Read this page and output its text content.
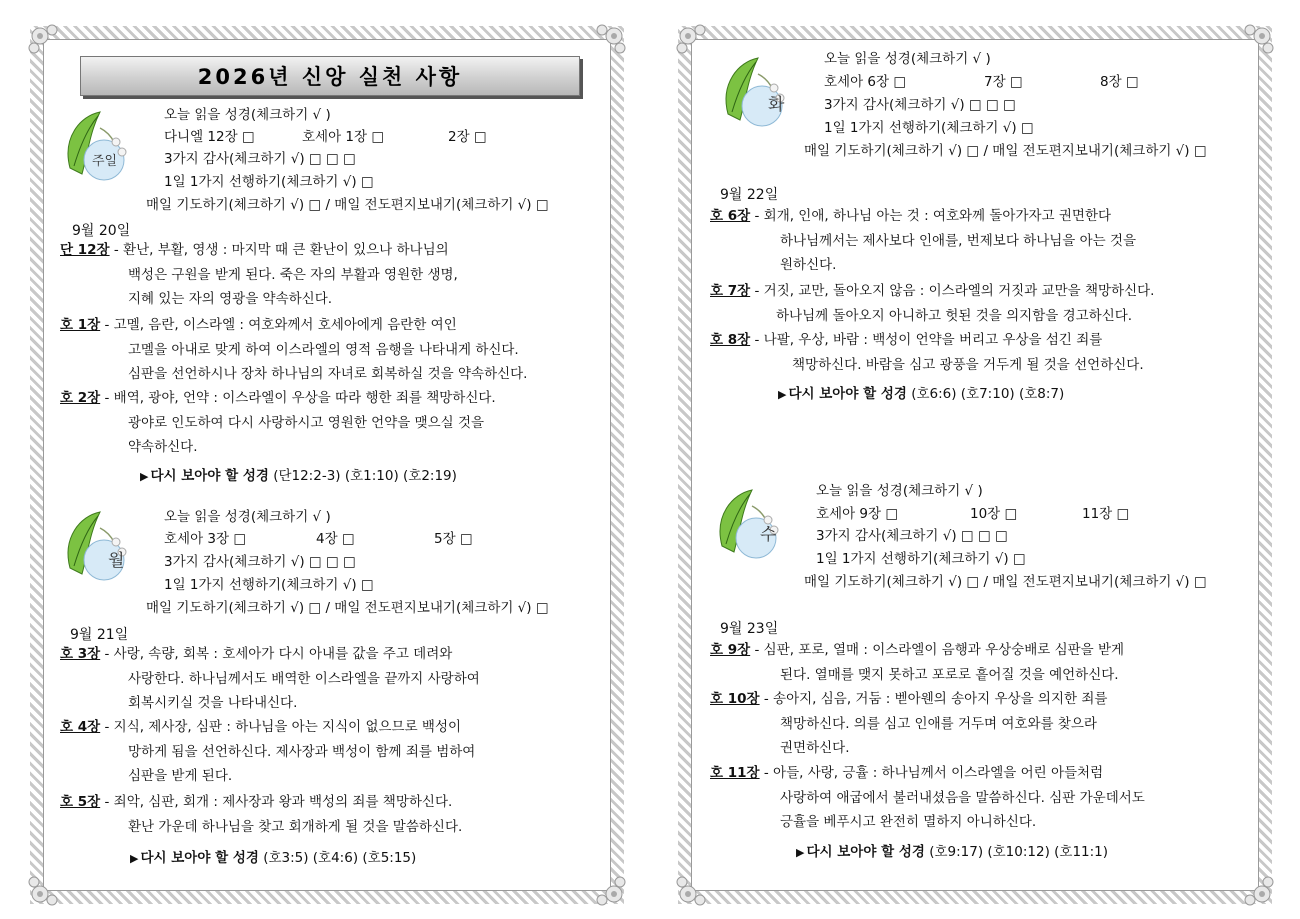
2026년 신앙 실천 사항
주일
오늘 읽을 성경(체크하기 √ )
다니엘 12장 □	호세아 1장 □	2장 □
3가지 감사(체크하기 √) □ □ □
1일 1가지 선행하기(체크하기 √) □
매일 기도하기(체크하기 √) □ / 매일 전도편지보내기(체크하기 √) □
9월 20일
단 12장 - 환난, 부활, 영생 : 마지막 때 큰 환난이 있으나 하나님의
백성은 구원을 받게 된다. 죽은 자의 부활과 영원한 생명,
지혜 있는 자의 영광을 약속하신다.
호 1장 - 고멜, 음란, 이스라엘 : 여호와께서 호세아에게 음란한 여인
고멜을 아내로 맞게 하여 이스라엘의 영적 음행을 나타내게 하신다.
심판을 선언하시나 장차 하나님의 자녀로 회복하실 것을 약속하신다.
호 2장 - 배역, 광야, 언약 : 이스라엘이 우상을 따라 행한 죄를 책망하신다.
광야로 인도하여 다시 사랑하시고 영원한 언약을 맺으실 것을
약속하신다.
▶ 다시 보아야 할 성경 (단12:2-3) (호1:10) (호2:19)
월
오늘 읽을 성경(체크하기 √ )
호세아 3장 □	4장 □	5장 □
3가지 감사(체크하기 √) □ □ □
1일 1가지 선행하기(체크하기 √) □
매일 기도하기(체크하기 √) □ / 매일 전도편지보내기(체크하기 √) □
9월 21일
호 3장 - 사랑, 속량, 회복 : 호세아가 다시 아내를 값을 주고 데려와
사랑한다. 하나님께서도 배역한 이스라엘을 끝까지 사랑하여
회복시키실 것을 나타내신다.
호 4장 - 지식, 제사장, 심판 : 하나님을 아는 지식이 없으므로 백성이
망하게 됨을 선언하신다. 제사장과 백성이 함께 죄를 범하여
심판을 받게 된다.
호 5장 - 죄악, 심판, 회개 : 제사장과 왕과 백성의 죄를 책망하신다.
환난 가운데 하나님을 찾고 회개하게 될 것을 말씀하신다.
▶ 다시 보아야 할 성경 (호3:5) (호4:6) (호5:15)
화
오늘 읽을 성경(체크하기 √ )
호세아 6장 □	7장 □	8장 □
3가지 감사(체크하기 √) □ □ □
1일 1가지 선행하기(체크하기 √) □
매일 기도하기(체크하기 √) □ / 매일 전도편지보내기(체크하기 √) □
9월 22일
호 6장 - 회개, 인애, 하나님 아는 것 : 여호와께 돌아가자고 권면한다
하나님께서는 제사보다 인애를, 번제보다 하나님을 아는 것을
원하신다.
호 7장 - 거짓, 교만, 돌아오지 않음 : 이스라엘의 거짓과 교만을 책망하신다.
하나님께 돌아오지 아니하고 헛된 것을 의지함을 경고하신다.
호 8장 - 나팔, 우상, 바람 : 백성이 언약을 버리고 우상을 섬긴 죄를
책망하신다. 바람을 심고 광풍을 거두게 될 것을 선언하신다.
▶ 다시 보아야 할 성경 (호6:6) (호7:10) (호8:7)
수
오늘 읽을 성경(체크하기 √ )
호세아 9장 □	10장 □	11장 □
3가지 감사(체크하기 √) □ □ □
1일 1가지 선행하기(체크하기 √) □
매일 기도하기(체크하기 √) □ / 매일 전도편지보내기(체크하기 √) □
9월 23일
호 9장 - 심판, 포로, 열매 : 이스라엘이 음행과 우상숭배로 심판을 받게
된다. 열매를 맺지 못하고 포로로 흩어질 것을 예언하신다.
호 10장 - 송아지, 심음, 거둠 : 벧아웬의 송아지 우상을 의지한 죄를
책망하신다. 의를 심고 인애를 거두며 여호와를 찾으라
권면하신다.
호 11장 - 아들, 사랑, 긍휼 : 하나님께서 이스라엘을 어린 아들처럼
사랑하여 애굽에서 불러내셨음을 말씀하신다. 심판 가운데서도
긍휼을 베푸시고 완전히 멸하지 아니하신다.
▶ 다시 보아야 할 성경 (호9:17) (호10:12) (호11:1)
